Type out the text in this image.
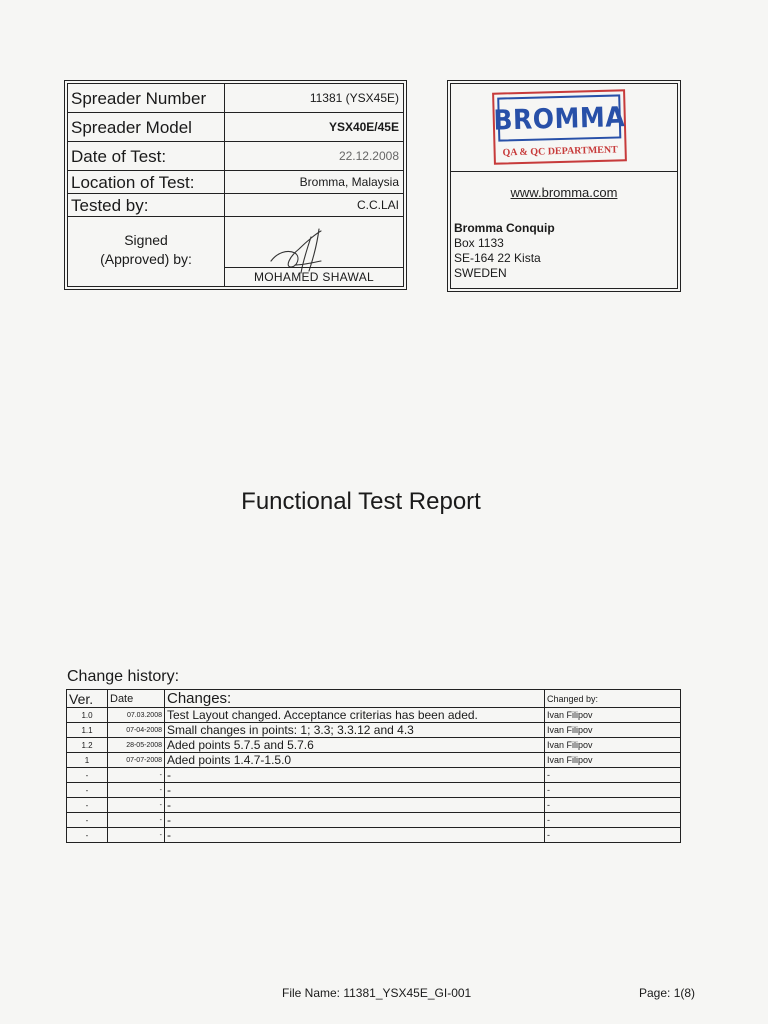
Spreader Number	11381 (YSX45E)
Spreader Model	YSX40E/45E
Date of Test:	22.12.2008
Location of Test:	Bromma, Malaysia
Tested by:	C.C.LAI
Signed
(Approved) by:
MOHAMED SHAWAL
BROMMA
QA & QC DEPARTMENT
www.bromma.com
Bromma Conquip
Box 1133
SE-164 22 Kista
SWEDEN
Functional Test Report
Change history:
Ver.	Date	Changes:	Changed by:
1.0	07.03.2008	Test Layout changed. Acceptance criterias has been aded.	Ivan Filipov
1.1	07-04-2008	Small changes in points: 1; 3.3; 3.3.12 and 4.3	Ivan Filipov
1.2	28-05-2008	Aded points 5.7.5 and 5.7.6	Ivan Filipov
1	07-07-2008	Aded points 1.4.7-1.5.0	Ivan Filipov
-	-	-	-
-	-	-	-
-	-	-	-
-	-	-	-
-	-	-	-
File Name: 11381_YSX45E_GI-001	Page: 1(8)
